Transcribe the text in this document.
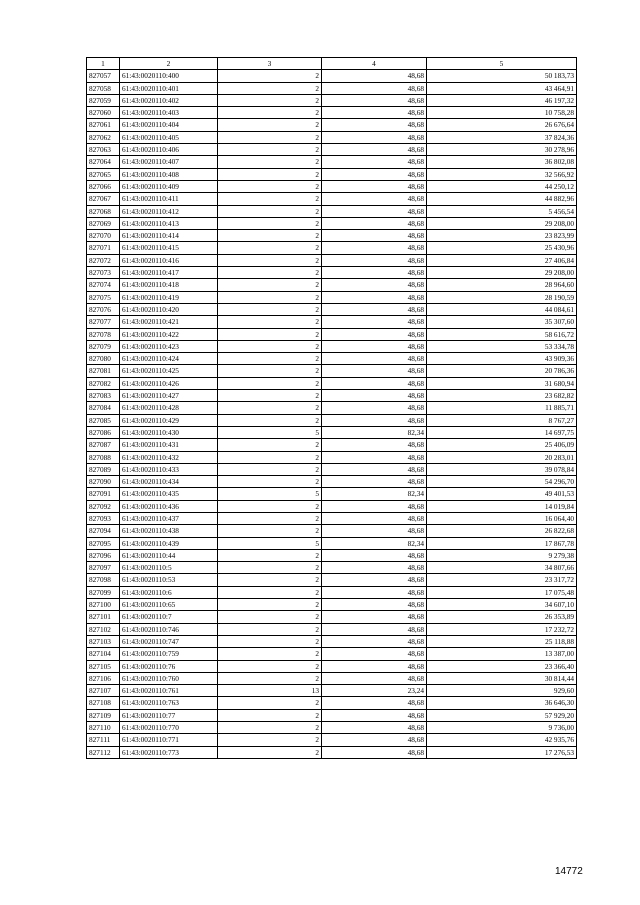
1	2	3	4	5
827057	61:43:0020110:400	2	48,68	50 183,73
827058	61:43:0020110:401	2	48,68	43 464,91
827059	61:43:0020110:402	2	48,68	46 197,32
827060	61:43:0020110:403	2	48,68	10 758,28
827061	61:43:0020110:404	2	48,68	26 676,64
827062	61:43:0020110:405	2	48,68	37 824,36
827063	61:43:0020110:406	2	48,68	30 278,96
827064	61:43:0020110:407	2	48,68	36 802,08
827065	61:43:0020110:408	2	48,68	32 566,92
827066	61:43:0020110:409	2	48,68	44 250,12
827067	61:43:0020110:411	2	48,68	44 882,96
827068	61:43:0020110:412	2	48,68	5 456,54
827069	61:43:0020110:413	2	48,68	29 208,00
827070	61:43:0020110:414	2	48,68	23 823,99
827071	61:43:0020110:415	2	48,68	25 430,96
827072	61:43:0020110:416	2	48,68	27 406,84
827073	61:43:0020110:417	2	48,68	29 208,00
827074	61:43:0020110:418	2	48,68	28 964,60
827075	61:43:0020110:419	2	48,68	28 190,59
827076	61:43:0020110:420	2	48,68	44 084,61
827077	61:43:0020110:421	2	48,68	35 307,60
827078	61:43:0020110:422	2	48,68	58 616,72
827079	61:43:0020110:423	2	48,68	53 334,78
827080	61:43:0020110:424	2	48,68	43 909,36
827081	61:43:0020110:425	2	48,68	20 786,36
827082	61:43:0020110:426	2	48,68	31 680,94
827083	61:43:0020110:427	2	48,68	23 682,82
827084	61:43:0020110:428	2	48,68	11 885,71
827085	61:43:0020110:429	2	48,68	8 767,27
827086	61:43:0020110:430	5	82,34	14 697,75
827087	61:43:0020110:431	2	48,68	25 406,09
827088	61:43:0020110:432	2	48,68	20 283,01
827089	61:43:0020110:433	2	48,68	39 078,84
827090	61:43:0020110:434	2	48,68	54 296,70
827091	61:43:0020110:435	5	82,34	49 401,53
827092	61:43:0020110:436	2	48,68	14 019,84
827093	61:43:0020110:437	2	48,68	16 064,40
827094	61:43:0020110:438	2	48,68	26 822,68
827095	61:43:0020110:439	5	82,34	17 867,78
827096	61:43:0020110:44	2	48,68	9 279,38
827097	61:43:0020110:5	2	48,68	34 807,66
827098	61:43:0020110:53	2	48,68	23 317,72
827099	61:43:0020110:6	2	48,68	17 075,48
827100	61:43:0020110:65	2	48,68	34 607,10
827101	61:43:0020110:7	2	48,68	26 353,89
827102	61:43:0020110:746	2	48,68	17 232,72
827103	61:43:0020110:747	2	48,68	25 118,88
827104	61:43:0020110:759	2	48,68	13 387,00
827105	61:43:0020110:76	2	48,68	23 366,40
827106	61:43:0020110:760	2	48,68	30 814,44
827107	61:43:0020110:761	13	23,24	929,60
827108	61:43:0020110:763	2	48,68	36 646,30
827109	61:43:0020110:77	2	48,68	57 929,20
827110	61:43:0020110:770	2	48,68	9 736,00
827111	61:43:0020110:771	2	48,68	42 935,76
827112	61:43:0020110:773	2	48,68	17 276,53
14772
